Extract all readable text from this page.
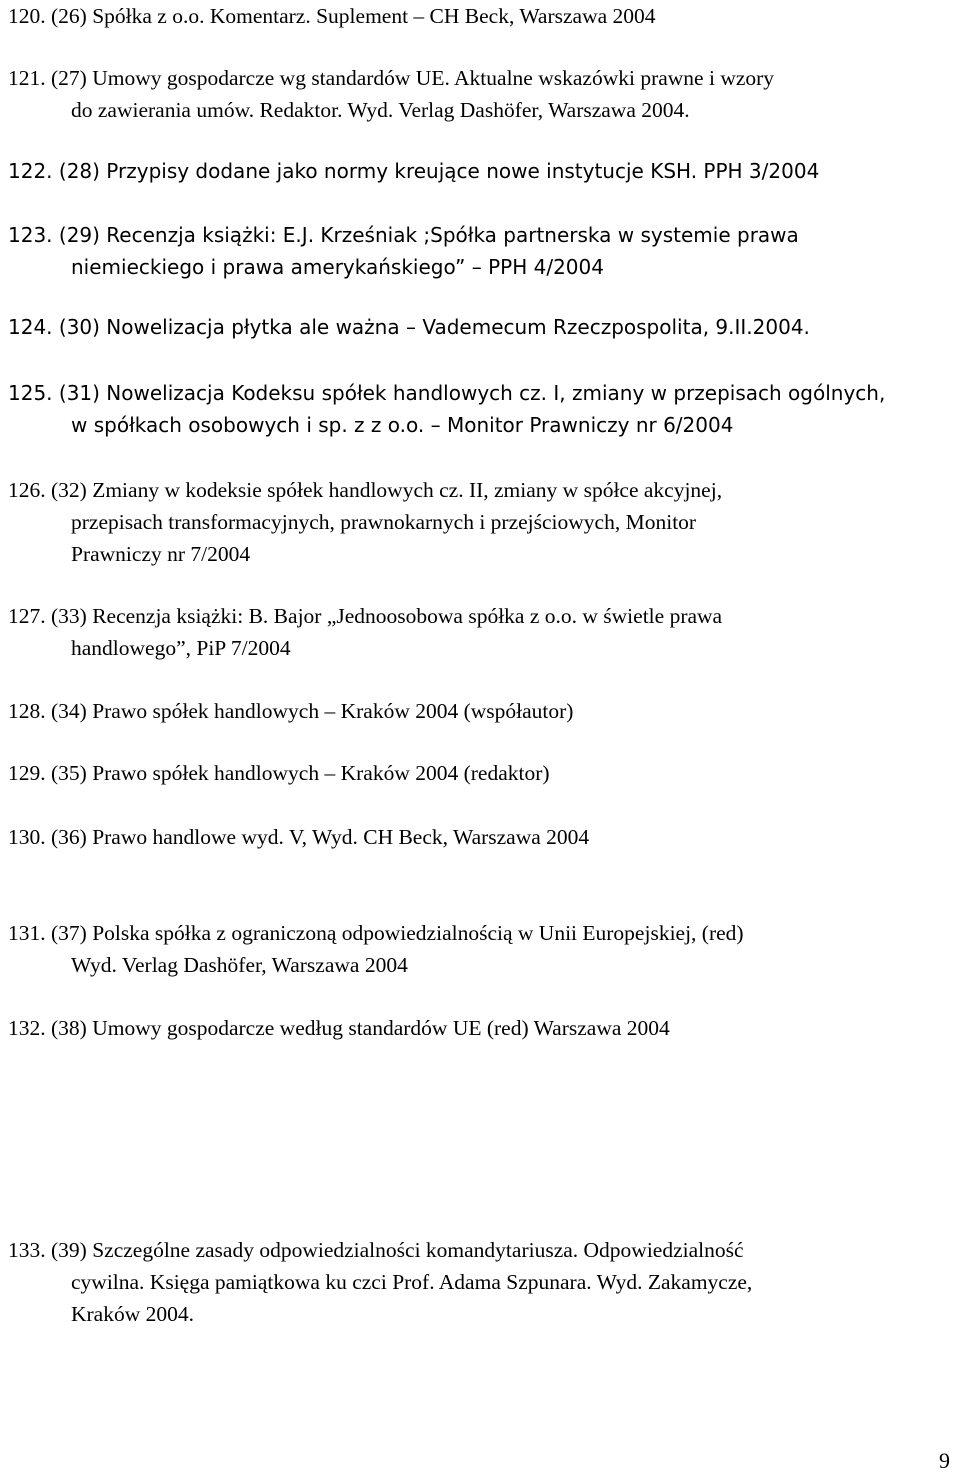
120. (26) Spółka z o.o. Komentarz. Suplement – CH Beck, Warszawa 2004

121. (27) Umowy gospodarcze wg standardów UE. Aktualne wskazówki prawne i wzory
do zawierania umów. Redaktor. Wyd. Verlag Dashöfer, Warszawa 2004.

122. (28) Przypisy dodane jako normy kreujące nowe instytucje KSH. PPH 3/2004

123. (29) Recenzja książki: E.J. Krześniak ;Spółka partnerska w systemie prawa
niemieckiego i prawa amerykańskiego” – PPH 4/2004

124. (30) Nowelizacja płytka ale ważna – Vademecum Rzeczpospolita, 9.II.2004.

125. (31) Nowelizacja Kodeksu spółek handlowych cz. I, zmiany w przepisach ogólnych,
w spółkach osobowych i sp. z z o.o. – Monitor Prawniczy nr 6/2004

126. (32) Zmiany w kodeksie spółek handlowych cz. II, zmiany w spółce akcyjnej,
przepisach transformacyjnych, prawnokarnych i przejściowych, Monitor
Prawniczy nr 7/2004

127. (33) Recenzja książki: B. Bajor „Jednoosobowa spółka z o.o. w świetle prawa
handlowego”, PiP 7/2004

128. (34) Prawo spółek handlowych – Kraków 2004 (współautor)

129. (35) Prawo spółek handlowych – Kraków 2004 (redaktor)

130. (36) Prawo handlowe wyd. V, Wyd. CH Beck, Warszawa 2004

131. (37) Polska spółka z ograniczoną odpowiedzialnością w Unii Europejskiej, (red)
Wyd. Verlag Dashöfer, Warszawa 2004

132. (38) Umowy gospodarcze według standardów UE (red) Warszawa 2004

133. (39) Szczególne zasady odpowiedzialności komandytariusza. Odpowiedzialność
cywilna. Księga pamiątkowa ku czci Prof. Adama Szpunara. Wyd. Zakamycze,
Kraków 2004.

9
